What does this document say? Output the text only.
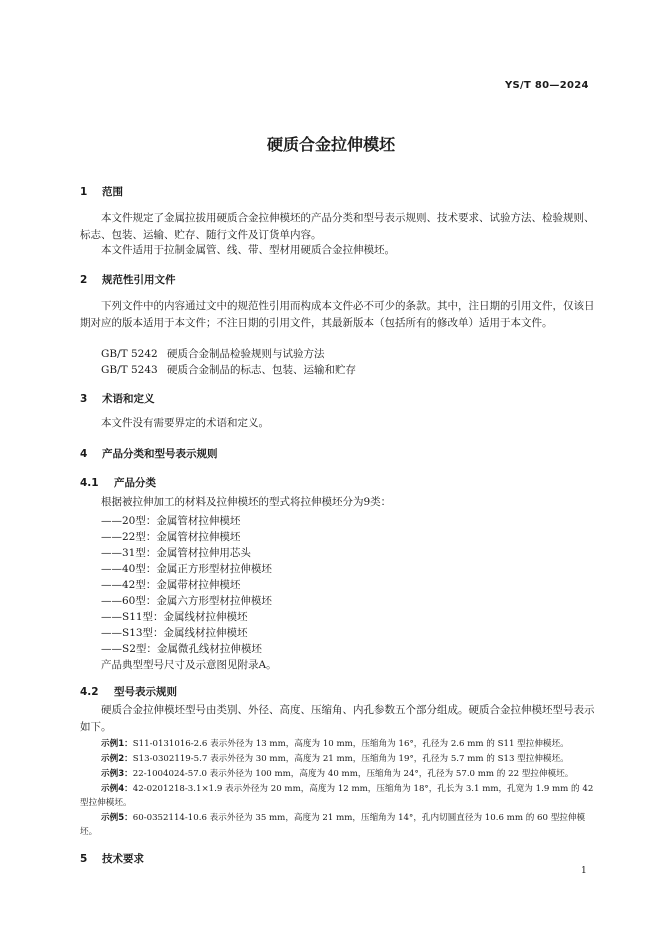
YS/T 80—2024
硬质合金拉伸模坯
1 范围
本文件规定了金属拉拔用硬质合金拉伸模坯的产品分类和型号表示规则、技术要求、试验方法、检验规则、标志、包装、运输、贮存、随行文件及订货单内容。
本文件适用于拉制金属管、线、带、型材用硬质合金拉伸模坯。
2 规范性引用文件
下列文件中的内容通过文中的规范性引用而构成本文件必不可少的条款。其中，注日期的引用文件，仅该日期对应的版本适用于本文件；不注日期的引用文件，其最新版本（包括所有的修改单）适用于本文件。
GB/T 5242 硬质合金制品检验规则与试验方法
GB/T 5243 硬质合金制品的标志、包装、运输和贮存
3 术语和定义
本文件没有需要界定的术语和定义。
4 产品分类和型号表示规则
4.1 产品分类
根据被拉伸加工的材料及拉伸模坯的型式将拉伸模坯分为9类：
——20型：金属管材拉伸模坯
——22型：金属管材拉伸模坯
——31型：金属管材拉伸用芯头
——40型：金属正方形型材拉伸模坯
——42型：金属带材拉伸模坯
——60型：金属六方形型材拉伸模坯
——S11型：金属线材拉伸模坯
——S13型：金属线材拉伸模坯
——S2型：金属微孔线材拉伸模坯
产品典型型号尺寸及示意图见附录A。
4.2 型号表示规则
硬质合金拉伸模坯型号由类别、外径、高度、压缩角、内孔参数五个部分组成。硬质合金拉伸模坯型号表示如下。
示例1：S11-0131016-2.6 表示外径为 13 mm，高度为 10 mm，压缩角为 16°，孔径为 2.6 mm 的 S11 型拉伸模坯。
示例2：S13-0302119-5.7 表示外径为 30 mm，高度为 21 mm，压缩角为 19°，孔径为 5.7 mm 的 S13 型拉伸模坯。
示例3：22-1004024-57.0 表示外径为 100 mm，高度为 40 mm，压缩角为 24°，孔径为 57.0 mm 的 22 型拉伸模坯。
示例4：42-0201218-3.1×1.9 表示外径为 20 mm，高度为 12 mm，压缩角为 18°，孔长为 3.1 mm，孔宽为 1.9 mm 的 42 型拉伸模坯。
示例5：60-0352114-10.6 表示外径为 35 mm，高度为 21 mm，压缩角为 14°，孔内切圆直径为 10.6 mm 的 60 型拉伸模坯。
5 技术要求
1
